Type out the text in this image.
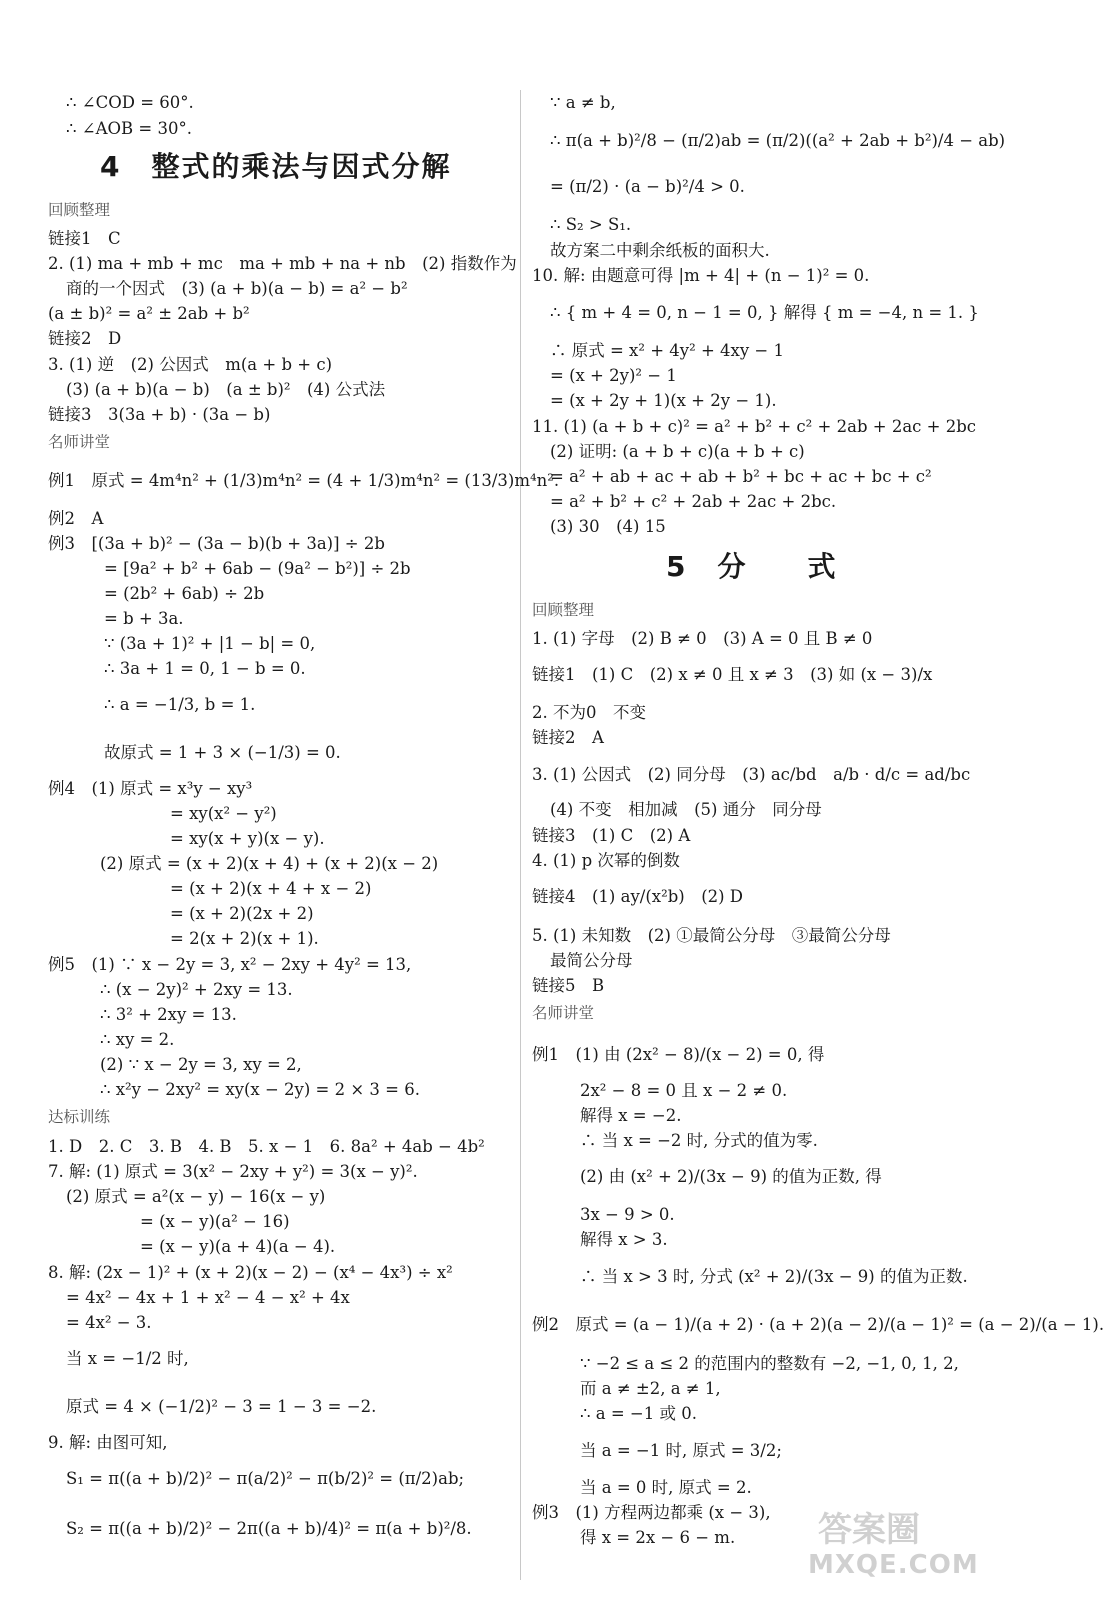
∴ ∠COD = 60°.
∴ ∠AOB = 30°.
4　整式的乘法与因式分解
回顾整理
链接1　C
2. (1) ma + mb + mc　ma + mb + na + nb　(2) 指数作为
商的一个因式　(3) (a + b)(a − b) = a² − b²
(a ± b)² = a² ± 2ab + b²
链接2　D
3. (1) 逆　(2) 公因式　m(a + b + c)
(3) (a + b)(a − b)　(a ± b)²　(4) 公式法
链接3　3(3a + b) · (3a − b)
名师讲堂
例1　原式 = 4m⁴n² + (1/3)m⁴n² = (4 + 1/3)m⁴n² = (13/3)m⁴n².
例2　A
例3　[(3a + b)² − (3a − b)(b + 3a)] ÷ 2b
= [9a² + b² + 6ab − (9a² − b²)] ÷ 2b
= (2b² + 6ab) ÷ 2b
= b + 3a.
∵ (3a + 1)² + |1 − b| = 0,
∴ 3a + 1 = 0, 1 − b = 0.
∴ a = −1/3, b = 1.
故原式 = 1 + 3 × (−1/3) = 0.
例4　(1) 原式 = x³y − xy³
= xy(x² − y²)
= xy(x + y)(x − y).
(2) 原式 = (x + 2)(x + 4) + (x + 2)(x − 2)
= (x + 2)(x + 4 + x − 2)
= (x + 2)(2x + 2)
= 2(x + 2)(x + 1).
例5　(1) ∵ x − 2y = 3, x² − 2xy + 4y² = 13,
∴ (x − 2y)² + 2xy = 13.
∴ 3² + 2xy = 13.
∴ xy = 2.
(2) ∵ x − 2y = 3, xy = 2,
∴ x²y − 2xy² = xy(x − 2y) = 2 × 3 = 6.
达标训练
1. D　2. C　3. B　4. B　5. x − 1　6. 8a² + 4ab − 4b²
7. 解: (1) 原式 = 3(x² − 2xy + y²) = 3(x − y)².
(2) 原式 = a²(x − y) − 16(x − y)
= (x − y)(a² − 16)
= (x − y)(a + 4)(a − 4).
8. 解: (2x − 1)² + (x + 2)(x − 2) − (x⁴ − 4x³) ÷ x²
= 4x² − 4x + 1 + x² − 4 − x² + 4x
= 4x² − 3.
当 x = −1/2 时,
原式 = 4 × (−1/2)² − 3 = 1 − 3 = −2.
9. 解: 由图可知,
S₁ = π((a + b)/2)² − π(a/2)² − π(b/2)² = (π/2)ab;
S₂ = π((a + b)/2)² − 2π((a + b)/4)² = π(a + b)²/8.
∵ a ≠ b,
∴ π(a + b)²/8 − (π/2)ab = (π/2)((a² + 2ab + b²)/4 − ab)
= (π/2) · (a − b)²/4 > 0.
∴ S₂ > S₁.
故方案二中剩余纸板的面积大.
10. 解: 由题意可得 |m + 4| + (n − 1)² = 0.
∴ { m + 4 = 0, n − 1 = 0, } 解得 { m = −4, n = 1. }
∴ 原式 = x² + 4y² + 4xy − 1
= (x + 2y)² − 1
= (x + 2y + 1)(x + 2y − 1).
11. (1) (a + b + c)² = a² + b² + c² + 2ab + 2ac + 2bc
(2) 证明: (a + b + c)(a + b + c)
= a² + ab + ac + ab + b² + bc + ac + bc + c²
= a² + b² + c² + 2ab + 2ac + 2bc.
(3) 30　(4) 15
5　分　　式
回顾整理
1. (1) 字母　(2) B ≠ 0　(3) A = 0 且 B ≠ 0
链接1　(1) C　(2) x ≠ 0 且 x ≠ 3　(3) 如 (x − 3)/x
2. 不为0　不变
链接2　A
3. (1) 公因式　(2) 同分母　(3) ac/bd　a/b · d/c = ad/bc
(4) 不变　相加减　(5) 通分　同分母
链接3　(1) C　(2) A
4. (1) p 次幂的倒数
链接4　(1) ay/(x²b)　(2) D
5. (1) 未知数　(2) ①最简公分母　③最简公分母
最简公分母
链接5　B
名师讲堂
例1　(1) 由 (2x² − 8)/(x − 2) = 0, 得
2x² − 8 = 0 且 x − 2 ≠ 0.
解得 x = −2.
∴ 当 x = −2 时, 分式的值为零.
(2) 由 (x² + 2)/(3x − 9) 的值为正数, 得
3x − 9 > 0.
解得 x > 3.
∴ 当 x > 3 时, 分式 (x² + 2)/(3x − 9) 的值为正数.
例2　原式 = (a − 1)/(a + 2) · (a + 2)(a − 2)/(a − 1)² = (a − 2)/(a − 1).
∵ −2 ≤ a ≤ 2 的范围内的整数有 −2, −1, 0, 1, 2,
而 a ≠ ±2, a ≠ 1,
∴ a = −1 或 0.
当 a = −1 时, 原式 = 3/2;
当 a = 0 时, 原式 = 2.
例3　(1) 方程两边都乘 (x − 3),
得 x = 2x − 6 − m. 答案圈
MXQE.COM
